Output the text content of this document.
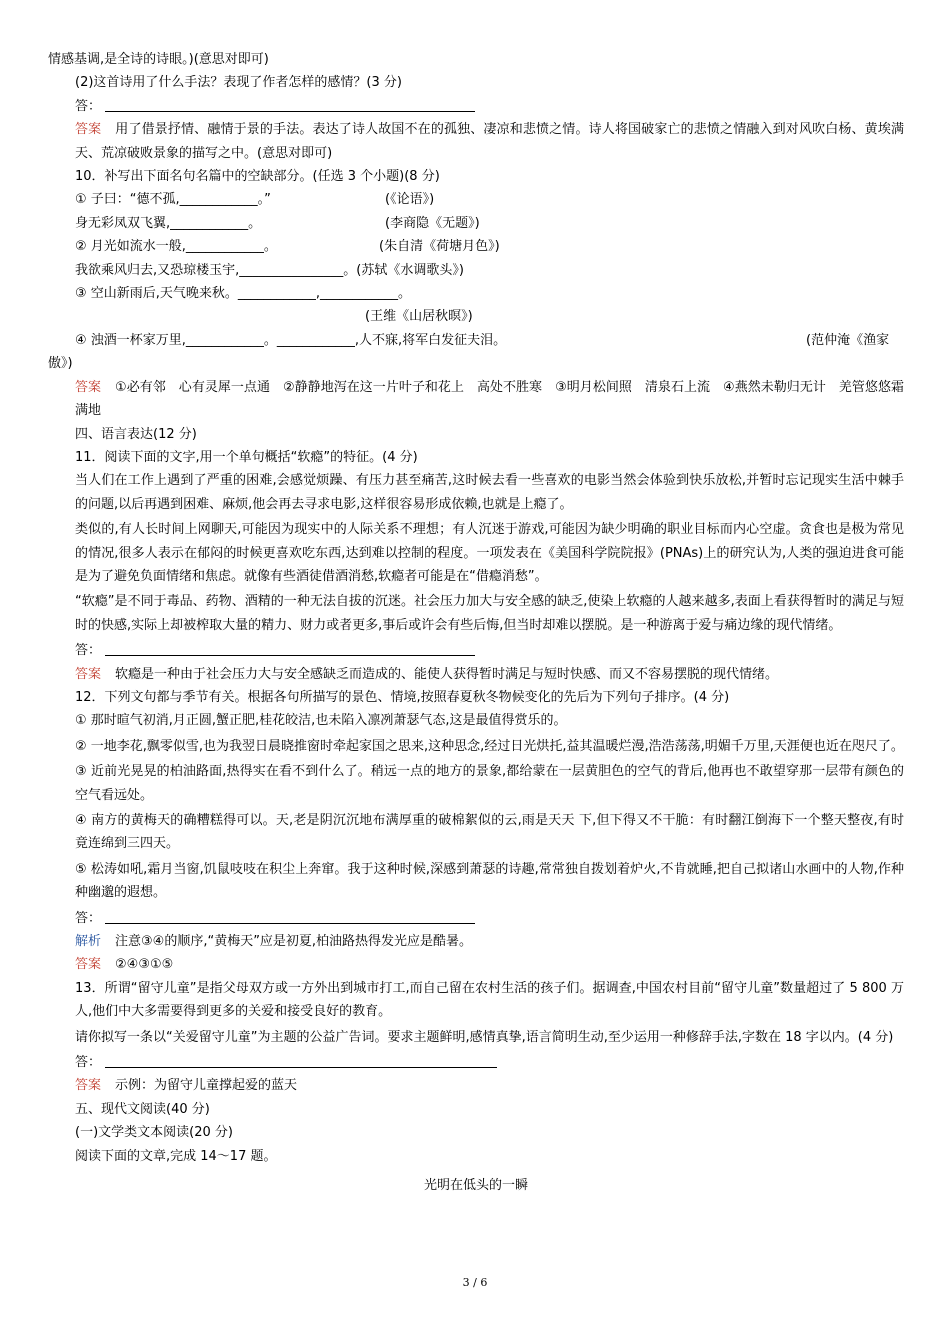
情感基调,是全诗的诗眼。)(意思对即可)

(2)这首诗用了什么手法？表现了作者怎样的感情？(3 分)

答：

答案 用了借景抒情、融情于景的手法。表达了诗人故国不在的孤独、凄凉和悲愤之情。诗人将国破家亡的悲愤之情融入到对风吹白杨、黄埃满天、荒凉破败景象的描写之中。(意思对即可)

10．补写出下面名句名篇中的空缺部分。(任选 3 个小题)(8 分)

① 子曰：“德不孤,____________。”	(《论语》)
身无彩凤双飞翼,____________。	(李商隐《无题》)
② 月光如流水一般,____________。	(朱自清《荷塘月色》)

我欲乘风归去,又恐琼楼玉宇,________________。(苏轼《水调歌头》)

③ 空山新雨后,天气晚来秋。____________,____________。

(王维《山居秋暝》)

④ 浊酒一杯家万里,____________。____________,人不寐,将军白发征夫泪。	(范仲淹《渔家

傲》)

答案 ①必有邻　心有灵犀一点通　②静静地泻在这一片叶子和花上　高处不胜寒　③明月松间照　清泉石上流　④燕然未勒归无计　羌管悠悠霜满地

四、语言表达(12 分)

11．阅读下面的文字,用一个单句概括“软瘾”的特征。(4 分)

当人们在工作上遇到了严重的困难,会感觉烦躁、有压力甚至痛苦,这时候去看一些喜欢的电影当然会体验到快乐放松,并暂时忘记现实生活中棘手的问题,以后再遇到困难、麻烦,他会再去寻求电影,这样很容易形成依赖,也就是上瘾了。

类似的,有人长时间上网聊天,可能因为现实中的人际关系不理想；有人沉迷于游戏,可能因为缺少明确的职业目标而内心空虚。贪食也是极为常见的情况,很多人表示在郁闷的时候更喜欢吃东西,达到难以控制的程度。一项发表在《美国科学院院报》(PNAs)上的研究认为,人类的强迫进食可能是为了避免负面情绪和焦虑。就像有些酒徒借酒消愁,软瘾者可能是在“借瘾消愁”。

“软瘾”是不同于毒品、药物、酒精的一种无法自拔的沉迷。社会压力加大与安全感的缺乏,使染上软瘾的人越来越多,表面上看获得暂时的满足与短时的快感,实际上却被榨取大量的精力、财力或者更多,事后或许会有些后悔,但当时却难以摆脱。是一种游离于爱与痛边缘的现代情绪。

答：

答案 软瘾是一种由于社会压力大与安全感缺乏而造成的、能使人获得暂时满足与短时快感、而又不容易摆脱的现代情绪。

12．下列文句都与季节有关。根据各句所描写的景色、情境,按照春夏秋冬物候变化的先后为下列句子排序。(4 分)

① 那时暄气初消,月正圆,蟹正肥,桂花皎洁,也未陷入凛冽萧瑟气态,这是最值得赏乐的。

② 一地李花,飘零似雪,也为我翌日晨晓推窗时牵起家国之思来,这种思念,经过日光烘托,益其温暖烂漫,浩浩荡荡,明媚千万里,天涯便也近在咫尺了。

③ 近前光晃晃的柏油路面,热得实在看不到什么了。稍远一点的地方的景象,都给蒙在一层黄胆色的空气的背后,他再也不敢望穿那一层带有颜色的空气看远处。

④ 南方的黄梅天的确糟糕得可以。天,老是阴沉沉地布满厚重的破棉絮似的云,雨是天天 下,但下得又不干脆：有时翻江倒海下一个整天整夜,有时竟连绵到三四天。

⑤ 松涛如吼,霜月当窗,饥鼠吱吱在积尘上奔窜。我于这种时候,深感到萧瑟的诗趣,常常独自拨划着炉火,不肯就睡,把自己拟诸山水画中的人物,作种种幽邈的遐想。

答：

解析 注意③④的顺序,“黄梅天”应是初夏,柏油路热得发光应是酷暑。

答案 ②④③①⑤

13．所谓“留守儿童”是指父母双方或一方外出到城市打工,而自己留在农村生活的孩子们。据调查,中国农村目前“留守儿童”数量超过了 5 800 万人,他们中大多需要得到更多的关爱和接受良好的教育。

请你拟写一条以“关爱留守儿童”为主题的公益广告词。要求主题鲜明,感情真挚,语言简明生动,至少运用一种修辞手法,字数在 18 字以内。(4 分)

答：

答案 示例：为留守儿童撑起爱的蓝天

五、现代文阅读(40 分)

(一)文学类文本阅读(20 分)

阅读下面的文章,完成 14～17 题。

光明在低头的一瞬

3 / 6
